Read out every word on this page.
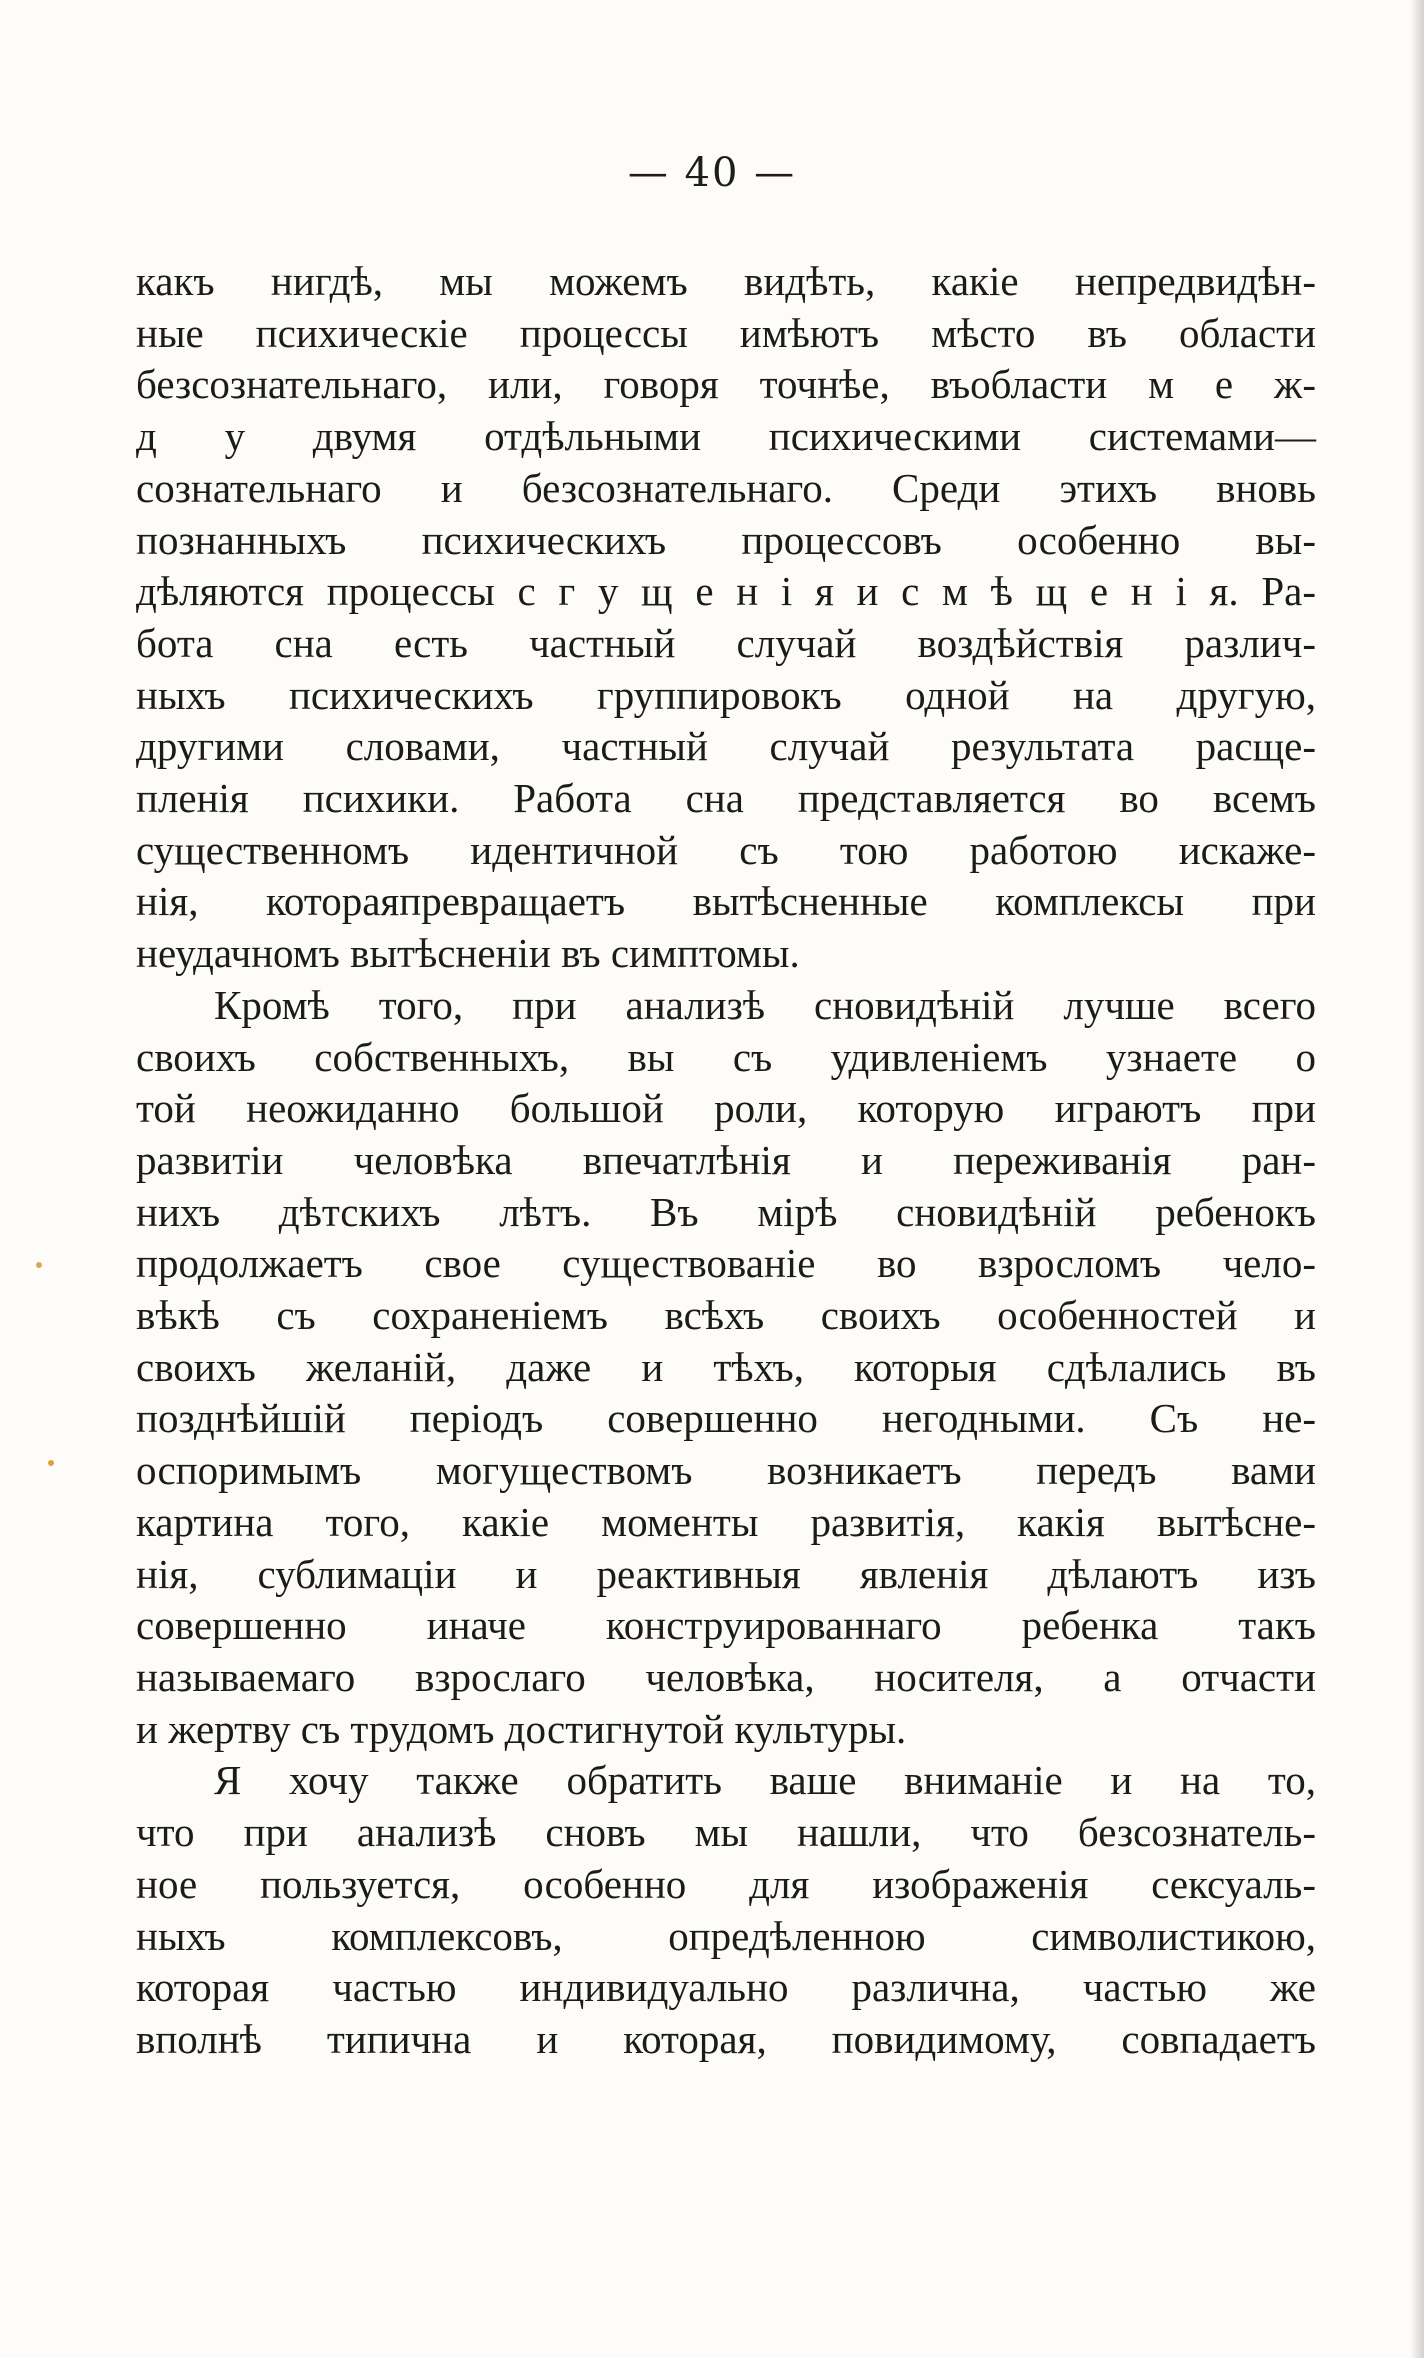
— 40 —
какъ нигдѣ, мы можемъ видѣть, какіе непредвидѣн-
ные психическіе процессы имѣютъ мѣсто въ области
безсознательнаго, или, говоря точнѣе, въобласти м е ж-
д у двумя отдѣльными психическими системами—
сознательнаго и безсознательнаго. Среди этихъ вновь
познанныхъ психическихъ процессовъ особенно вы-
дѣляются процессы с г у щ е н і я и с м ѣ щ е н і я. Ра-
бота сна есть частный случай воздѣйствія различ-
ныхъ психическихъ группировокъ одной на другую,
другими словами, частный случай результата расще-
пленія психики. Работа сна представляется во всемъ
существенномъ идентичной съ тою работою искаже-
нія, котораяпревращаетъ вытѣсненные комплексы при
неудачномъ вытѣсненіи въ симптомы.
Кромѣ того, при анализѣ сновидѣній лучше всего
своихъ собственныхъ, вы съ удивленіемъ узнаете о
той неожиданно большой роли, которую играютъ при
развитіи человѣка впечатлѣнія и переживанія ран-
нихъ дѣтскихъ лѣтъ. Въ мірѣ сновидѣній ребенокъ
продолжаетъ свое существованіе во взросломъ чело-
вѣкѣ съ сохраненіемъ всѣхъ своихъ особенностей и
своихъ желаній, даже и тѣхъ, которыя сдѣлались въ
позднѣйшій періодъ совершенно негодными. Съ не-
оспоримымъ могуществомъ возникаетъ передъ вами
картина того, какіе моменты развитія, какія вытѣсне-
нія, сублимаціи и реактивныя явленія дѣлаютъ изъ
совершенно иначе конструированнаго ребенка такъ
называемаго взрослаго человѣка, носителя, а отчасти
и жертву съ трудомъ достигнутой культуры.
Я хочу также обратить ваше вниманіе и на то,
что при анализѣ сновъ мы нашли, что безсознатель-
ное пользуется, особенно для изображенія сексуаль-
ныхъ комплексовъ, опредѣленною символистикою,
которая частью индивидуально различна, частью же
вполнѣ типична и которая, повидимому, совпадаетъ
